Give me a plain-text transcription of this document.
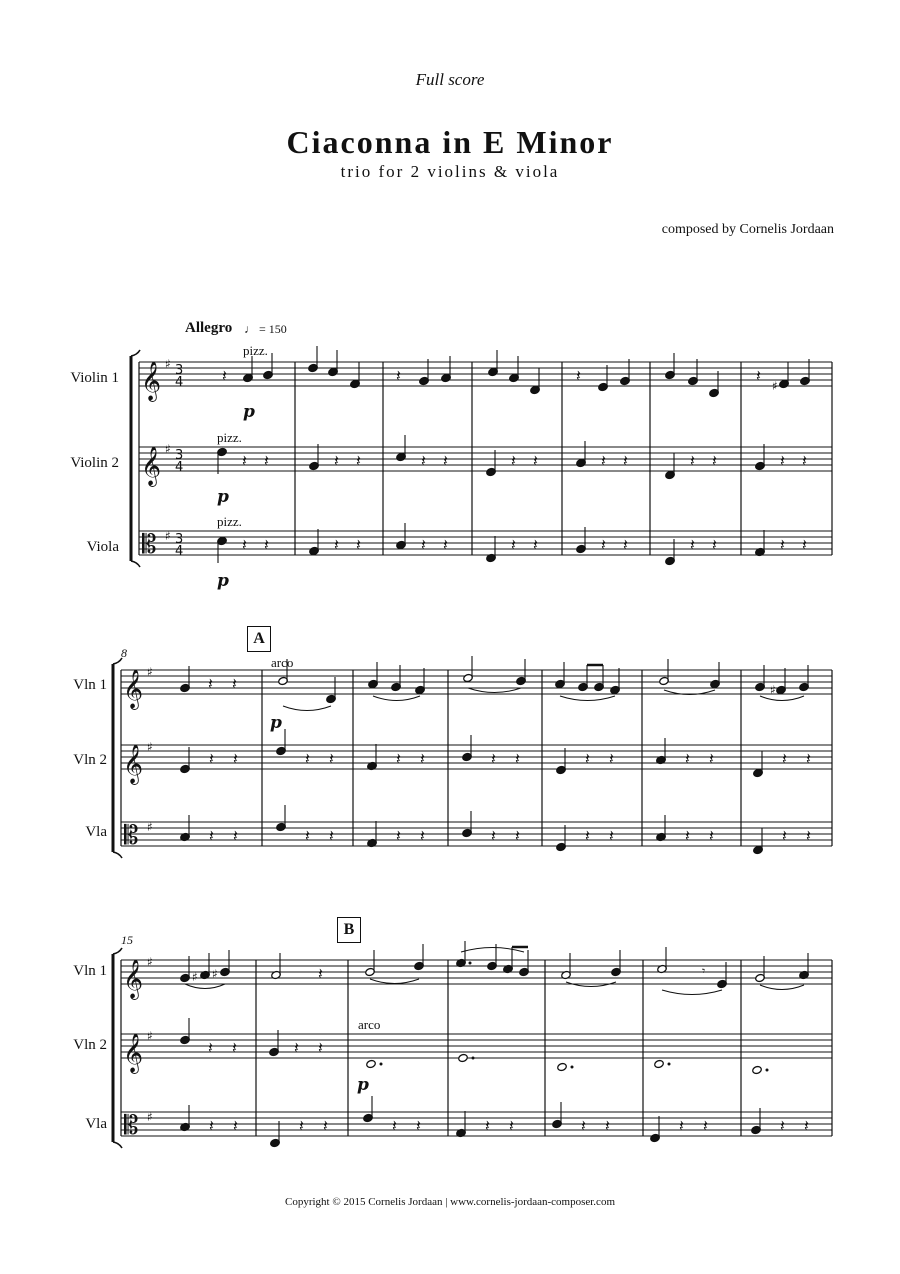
Full score
Ciaconna in E Minor
trio for 2 violins & viola
composed by Cornelis Jordaan
Allegro ♩ = 150
Violin 1
Violin 2
Viola
pizz.
pizz.
pizz.
p
p
p
8
A
Vln 1
Vln 2
Vla
arco
p
15
B
Vln 1
Vln 2
Vla
arco
p
Copyright © 2015 Cornelis Jordaan | www.cornelis-jordaan-composer.com
𝄞 ♯ 3
4
𝄞 ♯ 3
4
𝄡 ♯ 3
4
𝄽	𝄽	𝄽	𝄽
♯
𝄽 𝄽
𝄽 𝄽
𝄽 𝄽
𝄽 𝄽
𝄽 𝄽
𝄽 𝄽
𝄽 𝄽
𝄽 𝄽
𝄽 𝄽
𝄽 𝄽
𝄽 𝄽
𝄽 𝄽
𝄽 𝄽
𝄽 𝄽
𝄞 ♯
𝄞 ♯
𝄡 ♯
𝄽 𝄽	♯
𝄽 𝄽
𝄽 𝄽
𝄽 𝄽
𝄽 𝄽
𝄽 𝄽
𝄽 𝄽
𝄽 𝄽
𝄽 𝄽
𝄽 𝄽
𝄽 𝄽
𝄽 𝄽
𝄽 𝄽
𝄽 𝄽
𝄽 𝄽
𝄞 ♯
𝄞 ♯
𝄡 ♯
♯ ♯	𝄽	𝄾
𝄽 𝄽	𝄽 𝄽
𝄽 𝄽	𝄽 𝄽	𝄽 𝄽	𝄽 𝄽	𝄽 𝄽	𝄽 𝄽	𝄽 𝄽
